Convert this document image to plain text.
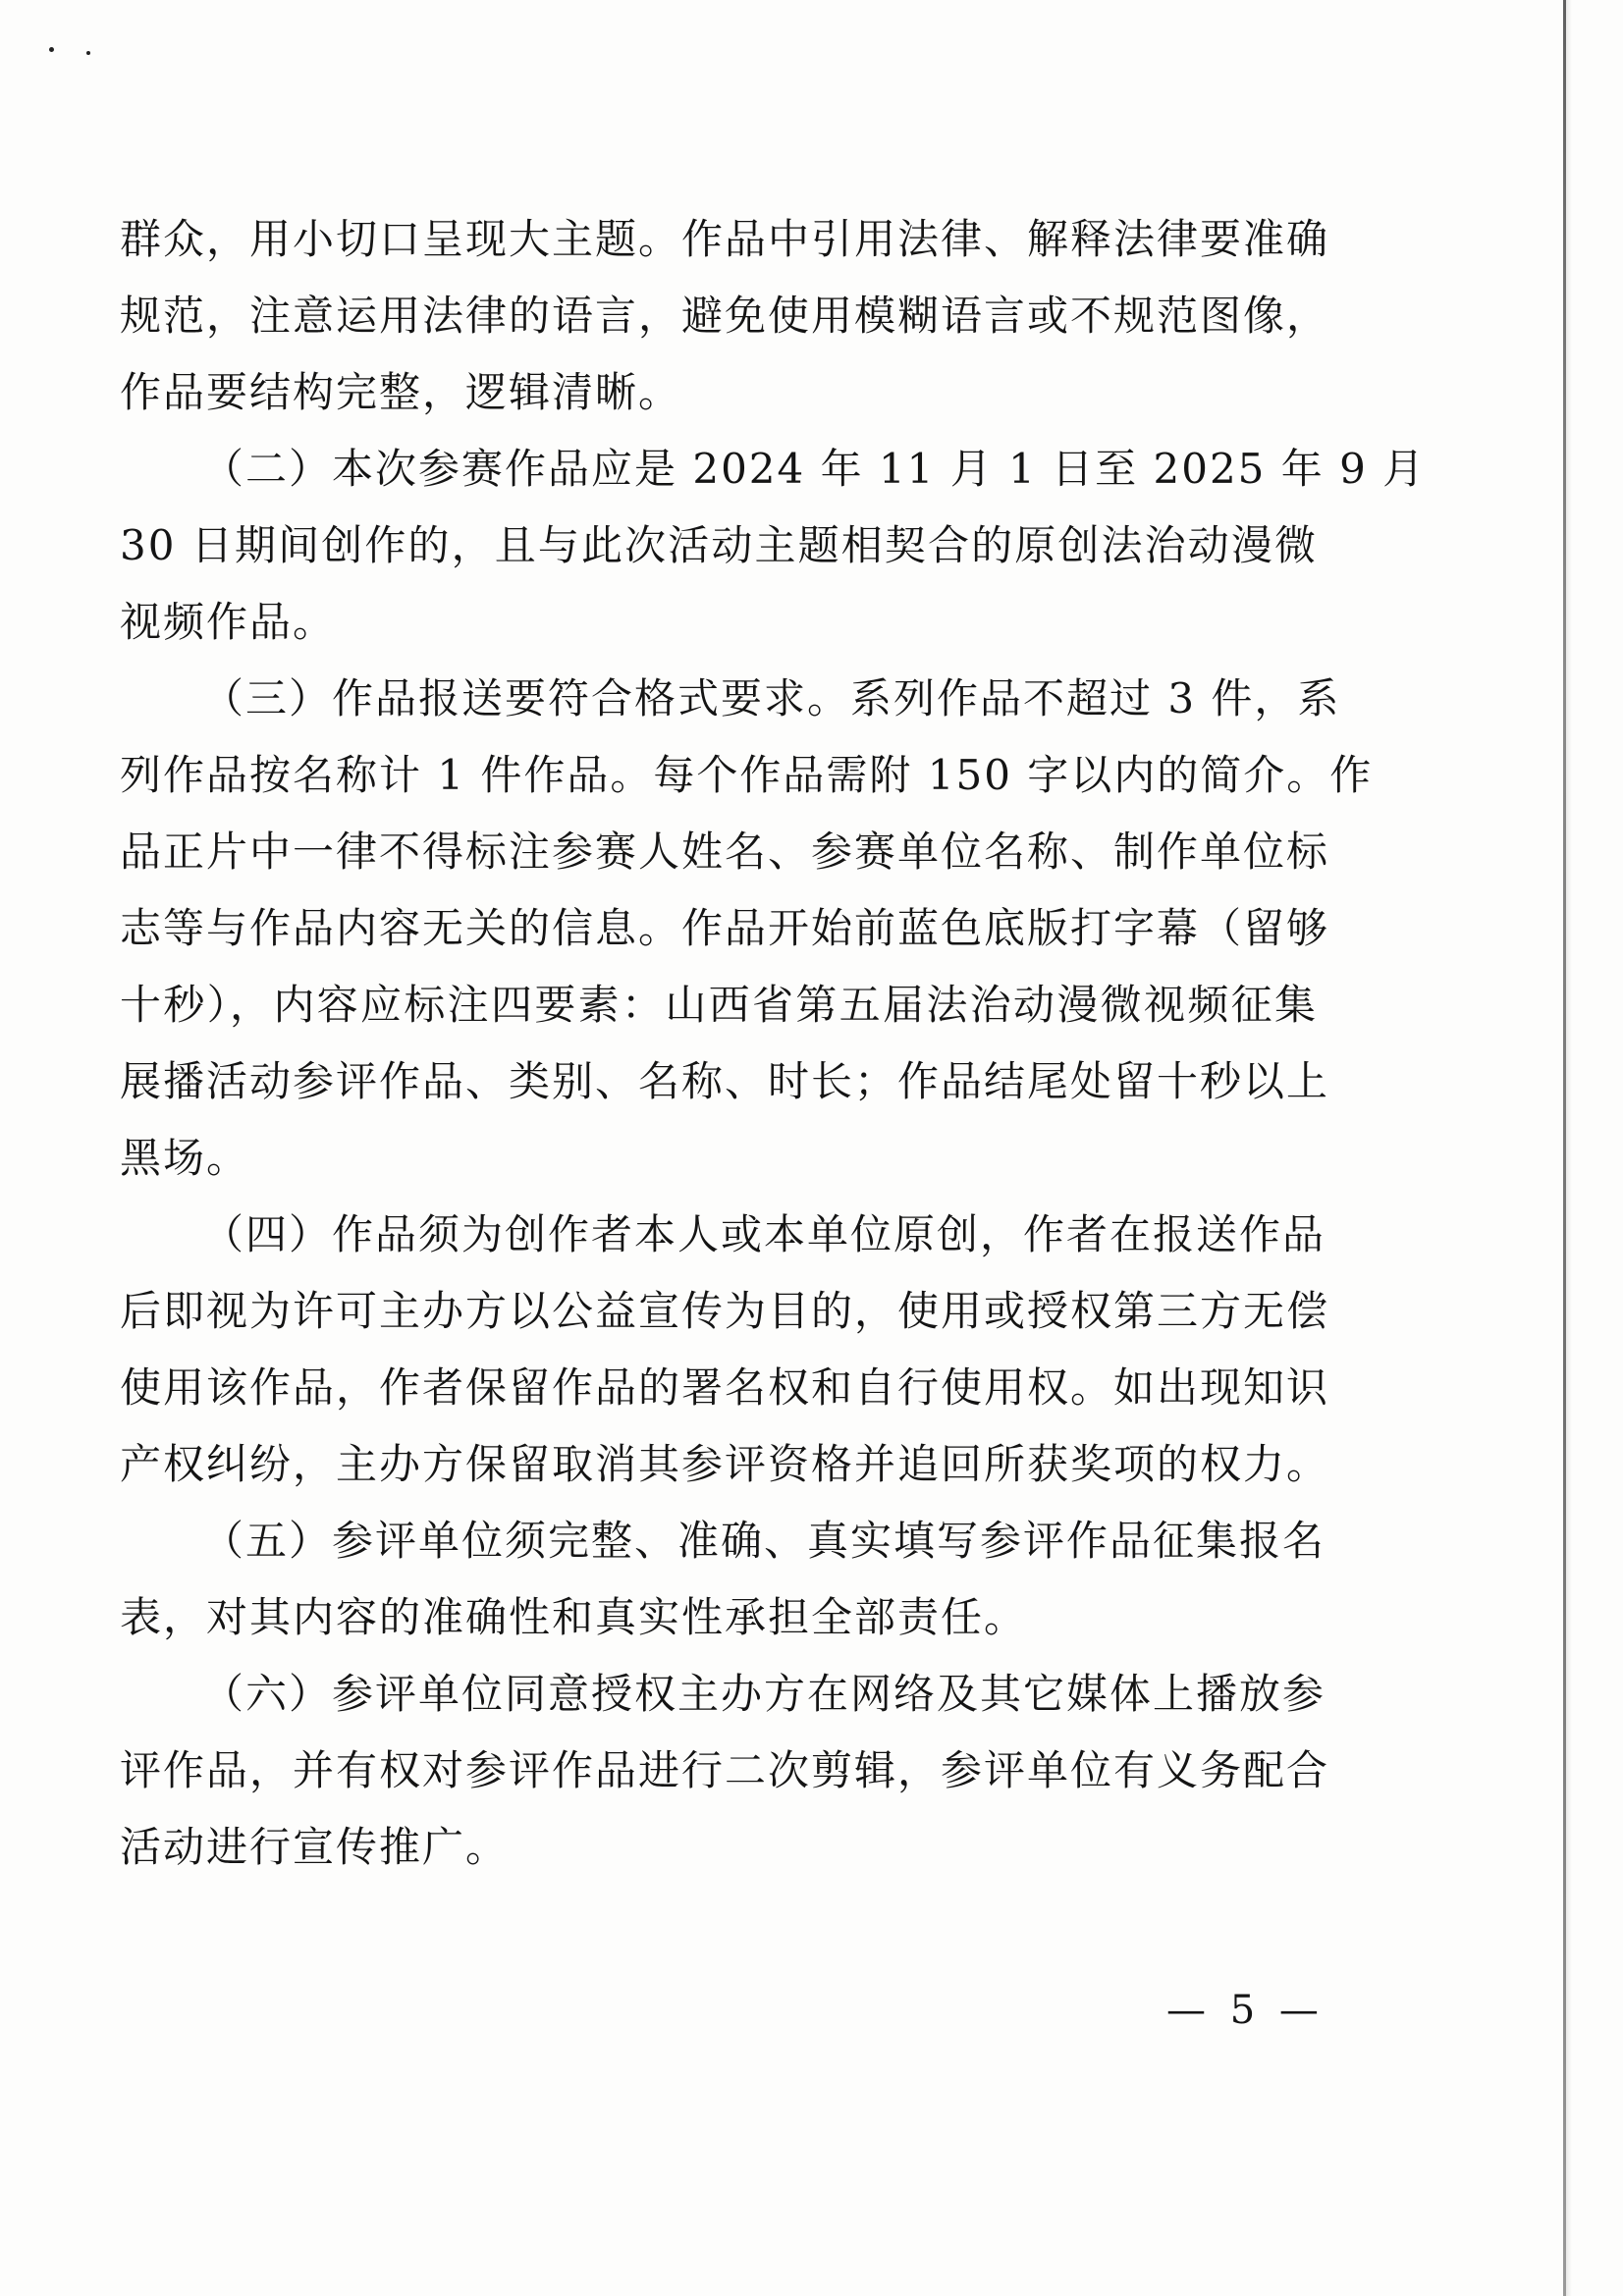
群众，用小切口呈现大主题。作品中引用法律、解释法律要准确
规范，注意运用法律的语言，避免使用模糊语言或不规范图像，
作品要结构完整，逻辑清晰。
（二）本次参赛作品应是 2024 年 11 月 1 日至 2025 年 9 月
30 日期间创作的，且与此次活动主题相契合的原创法治动漫微
视频作品。
（三）作品报送要符合格式要求。系列作品不超过 3 件，系
列作品按名称计 1 件作品。每个作品需附 150 字以内的简介。作
品正片中一律不得标注参赛人姓名、参赛单位名称、制作单位标
志等与作品内容无关的信息。作品开始前蓝色底版打字幕（留够
十秒），内容应标注四要素：山西省第五届法治动漫微视频征集
展播活动参评作品、类别、名称、时长；作品结尾处留十秒以上
黑场。
（四）作品须为创作者本人或本单位原创，作者在报送作品
后即视为许可主办方以公益宣传为目的，使用或授权第三方无偿
使用该作品，作者保留作品的署名权和自行使用权。如出现知识
产权纠纷，主办方保留取消其参评资格并追回所获奖项的权力。
（五）参评单位须完整、准确、真实填写参评作品征集报名
表，对其内容的准确性和真实性承担全部责任。
（六）参评单位同意授权主办方在网络及其它媒体上播放参
评作品，并有权对参评作品进行二次剪辑，参评单位有义务配合
活动进行宣传推广。
— 5 —
